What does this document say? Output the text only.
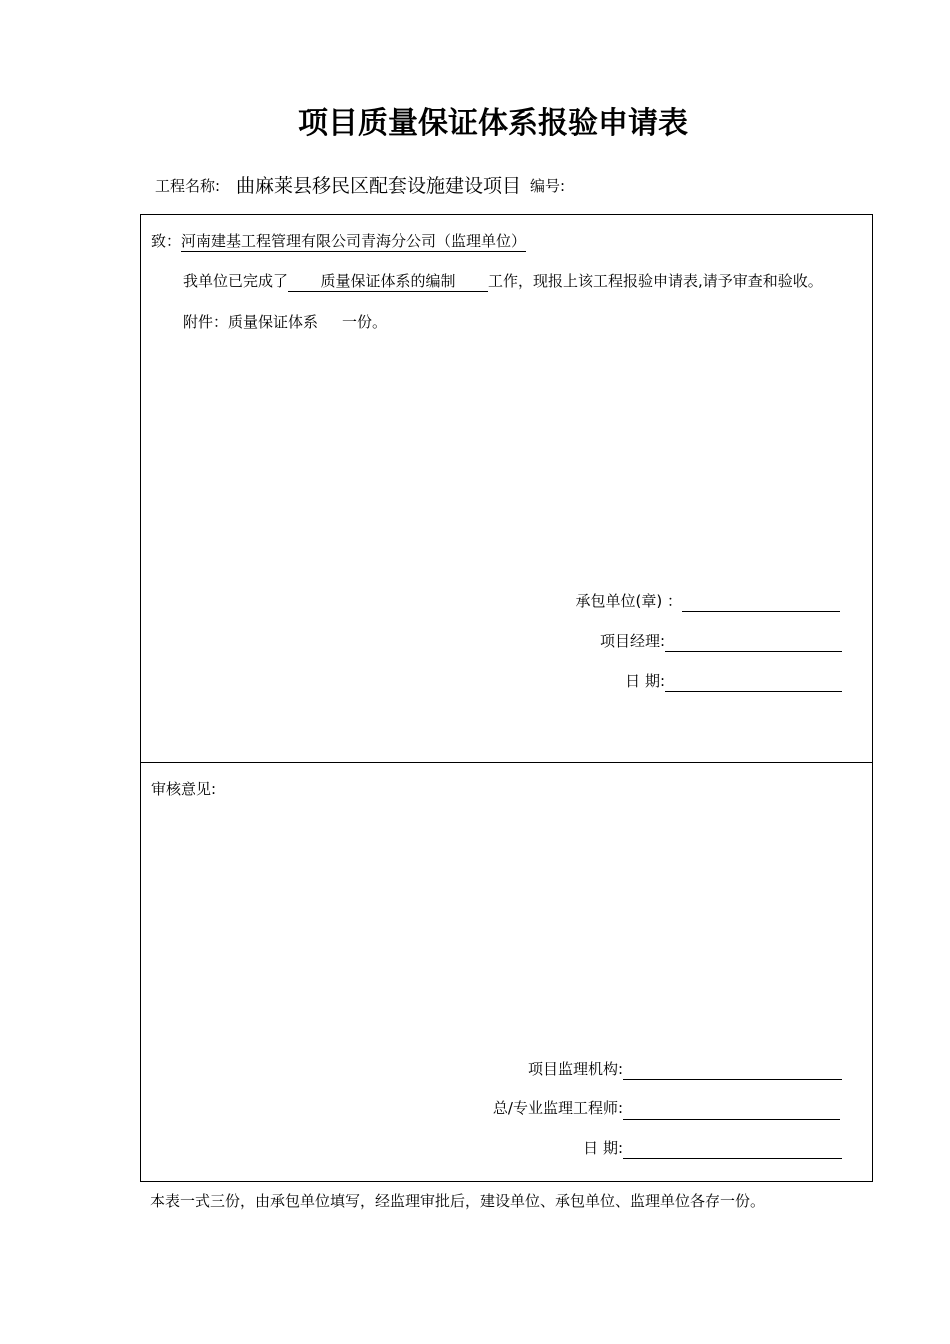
项目质量保证体系报验申请表
工程名称: 曲麻莱县移民区配套设施建设项目 编号:
致：河南建基工程管理有限公司青海分公司（监理单位）
我单位已完成了 质量保证体系的编制 工作，现报上该工程报验申请表,请予审查和验收。
附件：质量保证体系 一份。
承包单位(章) ：
项目经理:
日 期:
审核意见:
项目监理机构:
总/专业监理工程师:
日 期:
本表一式三份，由承包单位填写，经监理审批后，建设单位、承包单位、监理单位各存一份。
